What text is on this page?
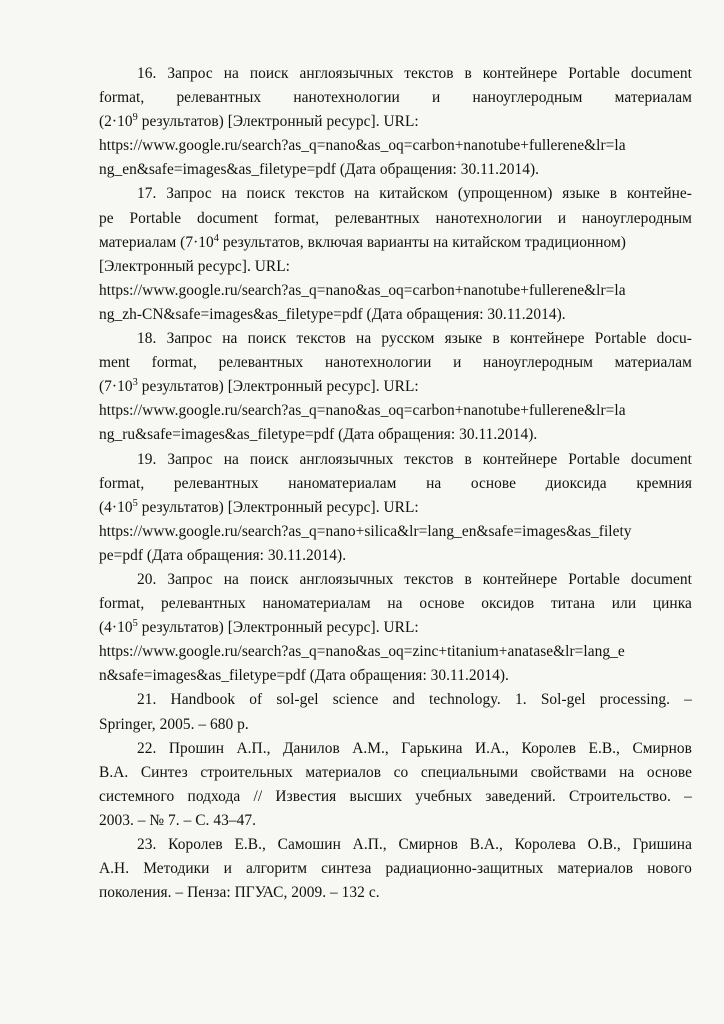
16. Запрос на поиск англоязычных текстов в контейнере Portable document
format, релевантных нанотехнологии и наноуглеродным материалам
($2\cdot 10^9$ результатов) [Электронный ресурс]. URL:
https://www.google.ru/search?as_q=nano&as_oq=carbon+nanotube+fullerene&lr=la
ng_en&safe=images&as_filetype=pdf (Дата обращения: 30.11.2014).
17. Запрос на поиск текстов на китайском (упрощенном) языке в контейне-
ре Portable document format, релевантных нанотехнологии и наноуглеродным
материалам ($7\cdot 10^4$ результатов, включая варианты на китайском традиционном)
[Электронный ресурс]. URL:
https://www.google.ru/search?as_q=nano&as_oq=carbon+nanotube+fullerene&lr=la
ng_zh-CN&safe=images&as_filetype=pdf (Дата обращения: 30.11.2014).
18. Запрос на поиск текстов на русском языке в контейнере Portable docu-
ment format, релевантных нанотехнологии и наноуглеродным материалам
($7\cdot 10^3$ результатов) [Электронный ресурс]. URL:
https://www.google.ru/search?as_q=nano&as_oq=carbon+nanotube+fullerene&lr=la
ng_ru&safe=images&as_filetype=pdf (Дата обращения: 30.11.2014).
19. Запрос на поиск англоязычных текстов в контейнере Portable document
format, релевантных наноматериалам на основе диоксида кремния
($4\cdot 10^5$ результатов) [Электронный ресурс]. URL:
https://www.google.ru/search?as_q=nano+silica&lr=lang_en&safe=images&as_filety
pe=pdf (Дата обращения: 30.11.2014).
20. Запрос на поиск англоязычных текстов в контейнере Portable document
format, релевантных наноматериалам на основе оксидов титана или цинка
($4\cdot 10^5$ результатов) [Электронный ресурс]. URL:
https://www.google.ru/search?as_q=nano&as_oq=zinc+titanium+anatase&lr=lang_e
n&safe=images&as_filetype=pdf (Дата обращения: 30.11.2014).
21. Handbook of sol-gel science and technology. 1. Sol-gel processing. –
Springer, 2005. – 680 p.
22. Прошин А.П., Данилов А.М., Гарькина И.А., Королев Е.В., Смирнов
В.А. Синтез строительных материалов со специальными свойствами на основе
системного подхода // Известия высших учебных заведений. Строительство. –
2003. – № 7. – С. 43–47.
23. Королев Е.В., Самошин А.П., Смирнов В.А., Королева О.В., Гришина
А.Н. Методики и алгоритм синтеза радиационно-защитных материалов нового
поколения. – Пенза: ПГУАС, 2009. – 132 с.
